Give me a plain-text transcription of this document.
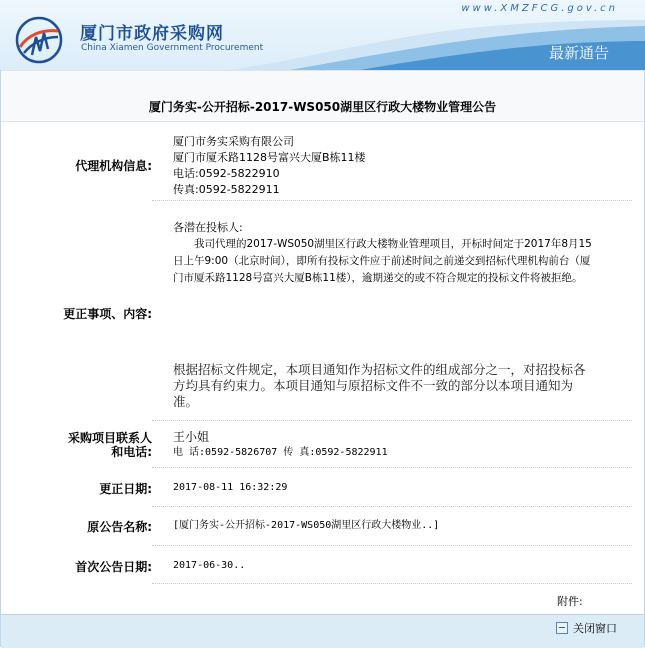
厦门市政府采购网
China Xiamen Government Procurement
www.XMZFCG.gov.cn
最新通告
厦门务实-公开招标-2017-WS050湖里区行政大楼物业管理公告
代理机构信息:
厦门市务实采购有限公司
厦门市厦禾路1128号富兴大厦B栋11楼
电话:0592-5822910
传真:0592-5822911
更正事项、内容:
各潜在投标人:
我司代理的2017-WS050湖里区行政大楼物业管理项目，开标时间定于2017年8月15日上午9:00（北京时间），即所有投标文件应于前述时间之前递交到招标代理机构前台（厦门市厦禾路1128号富兴大厦B栋11楼），逾期递交的或不符合规定的投标文件将被拒绝。
根据招标文件规定，本项目通知作为招标文件的组成部分之一，对招投标各方均具有约束力。本项目通知与原招标文件不一致的部分以本项目通知为准。
采购项目联系人
和电话:
王小姐
电 话:0592-5826707 传 真:0592-5822911
更正日期: 2017-08-11 16:32:29
原公告名称: [厦门务实-公开招标-2017-WS050湖里区行政大楼物业..]
首次公告日期: 2017-06-30..
附件:
关闭窗口
